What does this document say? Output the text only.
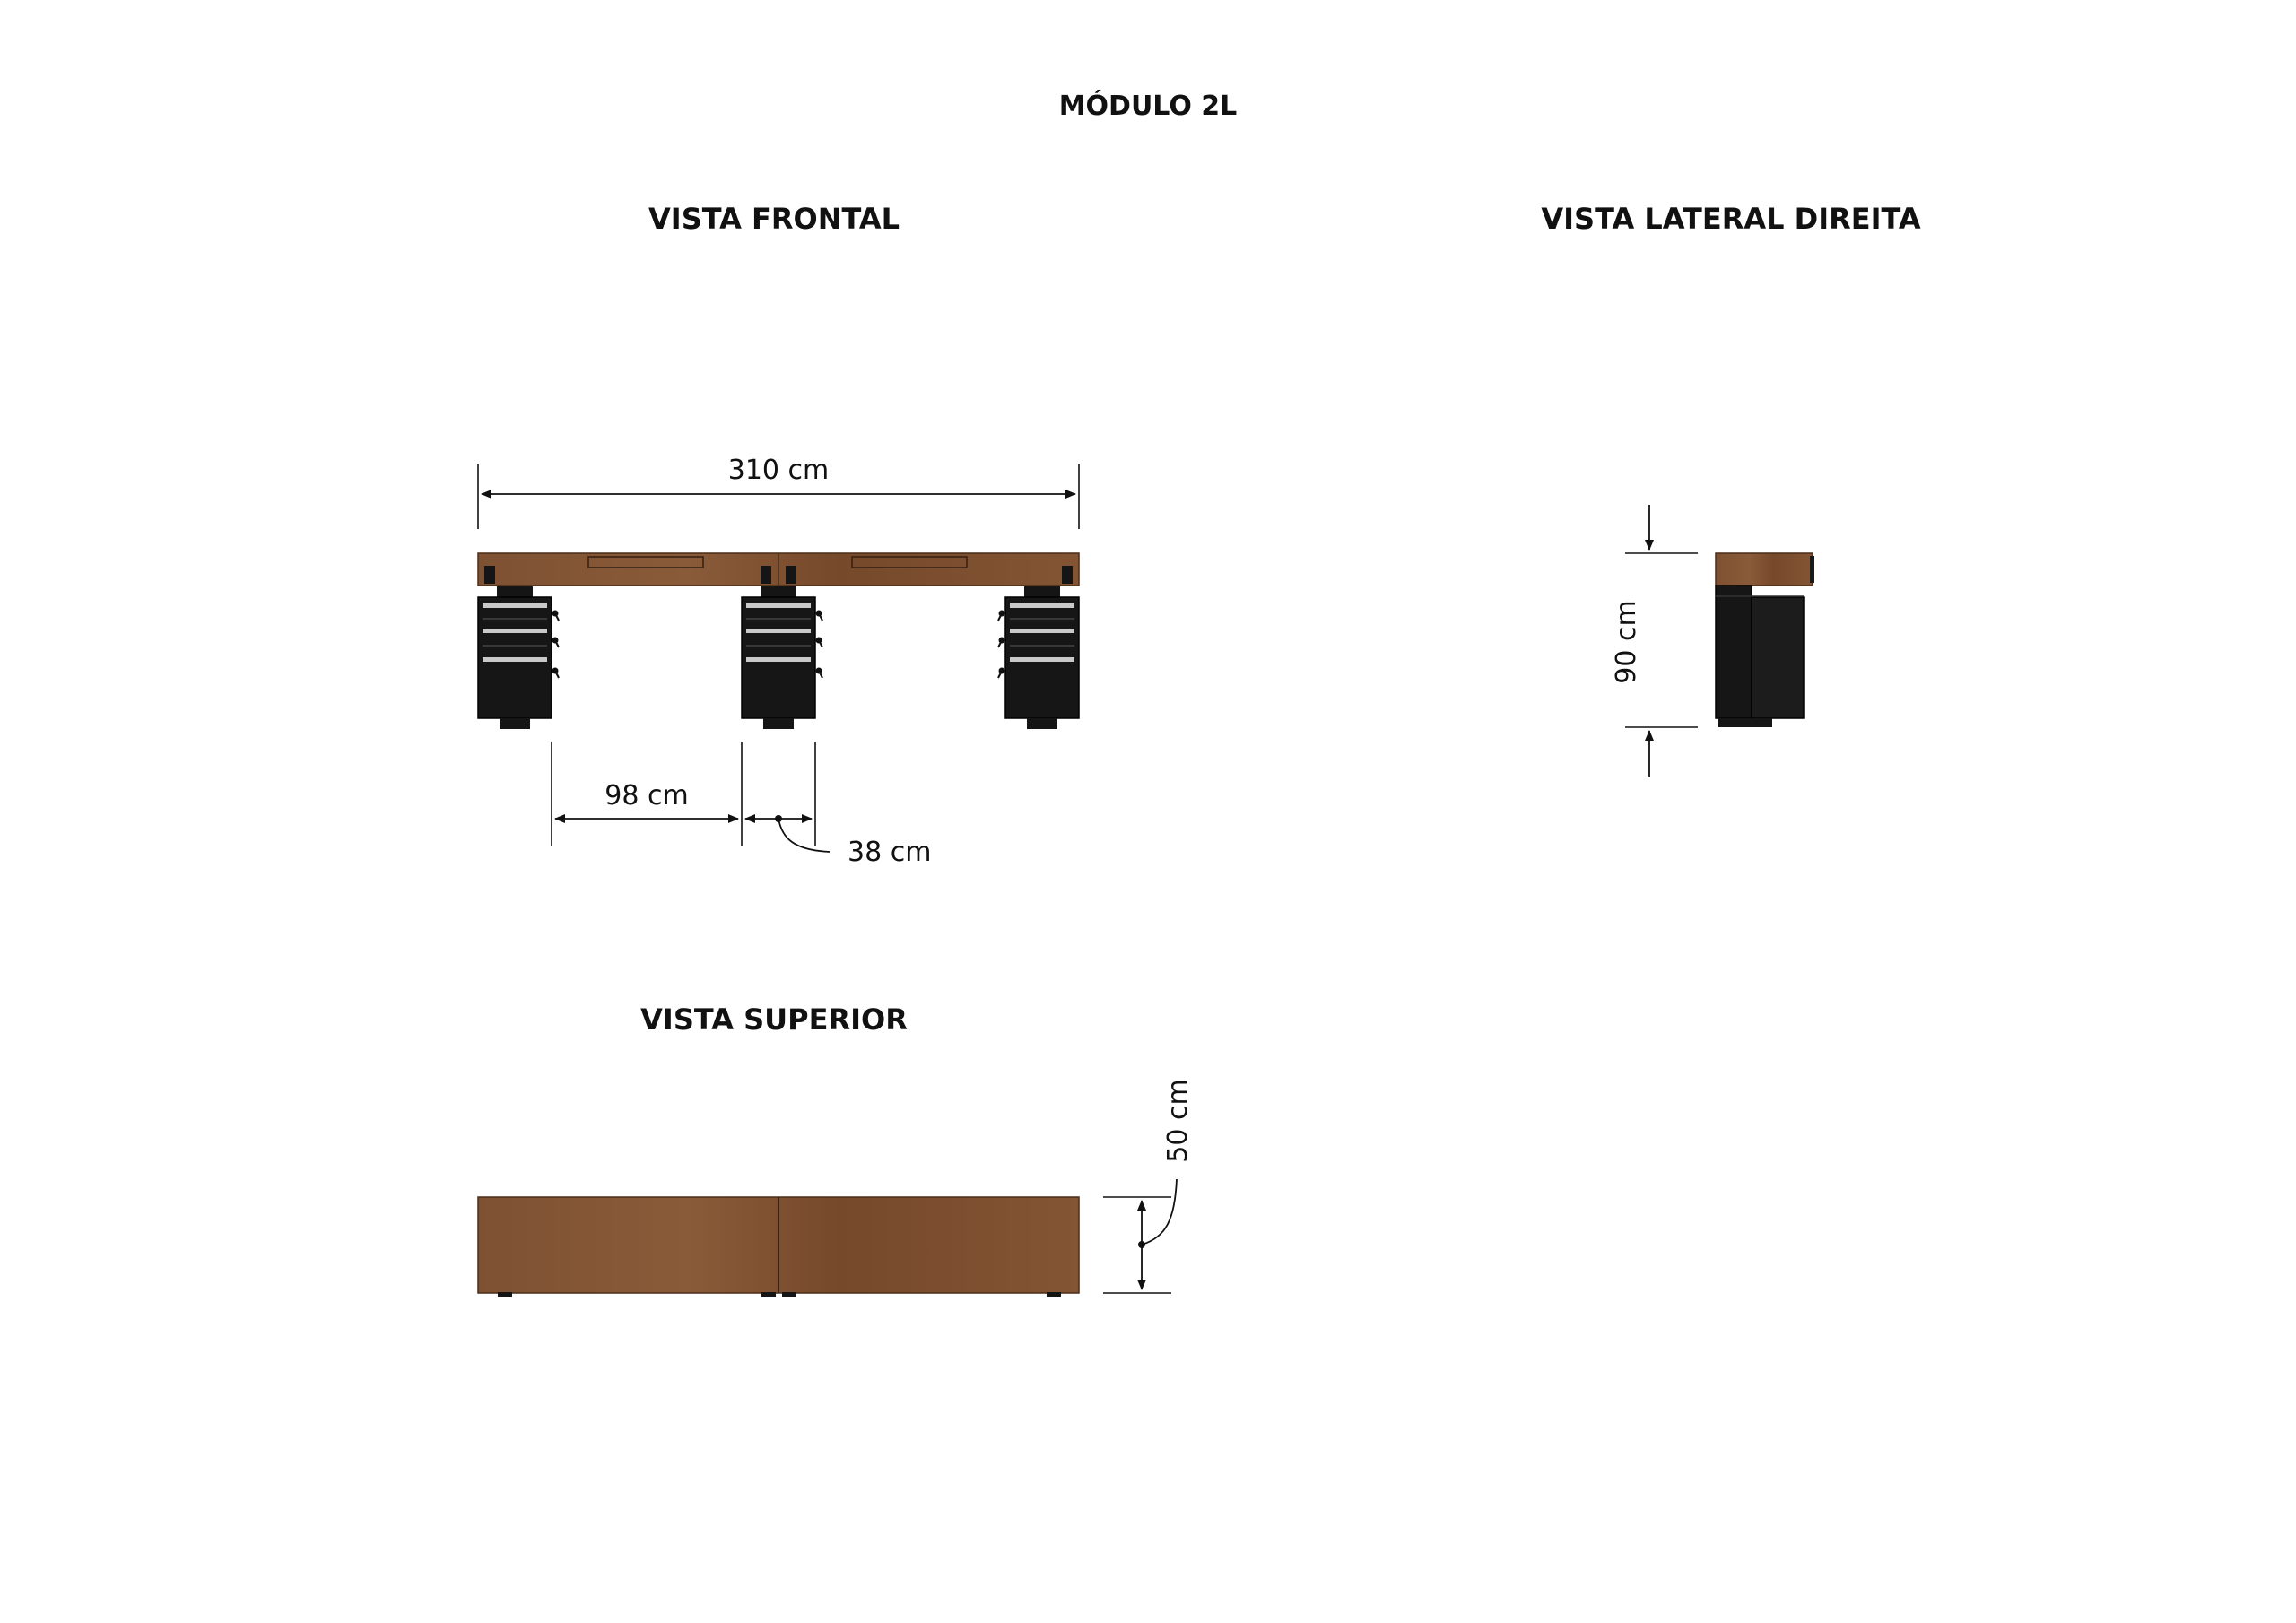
MÓDULO 2L
VISTA FRONTAL	VISTA LATERAL DIREITA
VISTA SUPERIOR
310 cm
98 cm
38 cm
90 cm
50 cm
